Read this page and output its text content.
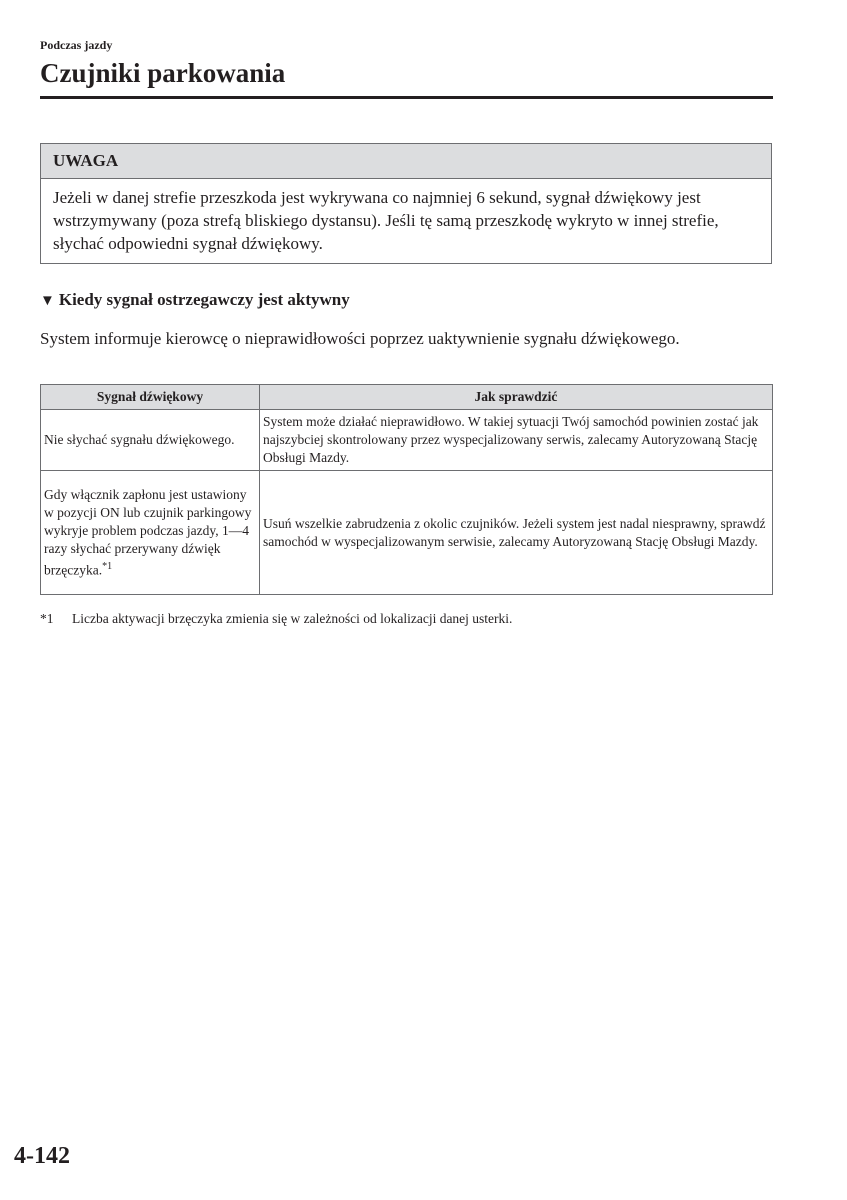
Podczas jazdy
Czujniki parkowania
UWAGA
Jeżeli w danej strefie przeszkoda jest wykrywana co najmniej 6 sekund, sygnał dźwiękowy jest wstrzymywany (poza strefą bliskiego dystansu). Jeśli tę samą przeszkodę wykryto w innej strefie, słychać odpowiedni sygnał dźwiękowy.
▼ Kiedy sygnał ostrzegawczy jest aktywny
System informuje kierowcę o nieprawidłowości poprzez uaktywnienie sygnału dźwiękowego.
Sygnał dźwiękowy	Jak sprawdzić
Nie słychać sygnału dźwiękowego.	System może działać nieprawidłowo. W takiej sytuacji Twój samochód powinien zostać jak najszybciej skontrolowany przez wyspecjalizowany serwis, zalecamy Autoryzowaną Stację Obsługi Mazdy.
Gdy włącznik zapłonu jest ustawiony w pozycji ON lub czujnik parkingowy wykryje problem podczas jazdy, 1―4 razy słychać przerywany dźwięk brzęczyka.$^{*1}$	Usuń wszelkie zabrudzenia z okolic czujników. Jeżeli system jest nadal niesprawny, sprawdź samochód w wyspecjalizowanym serwisie, zalecamy Autoryzowaną Stację Obsługi Mazdy.
*1 Liczba aktywacji brzęczyka zmienia się w zależności od lokalizacji danej usterki.
4-142
